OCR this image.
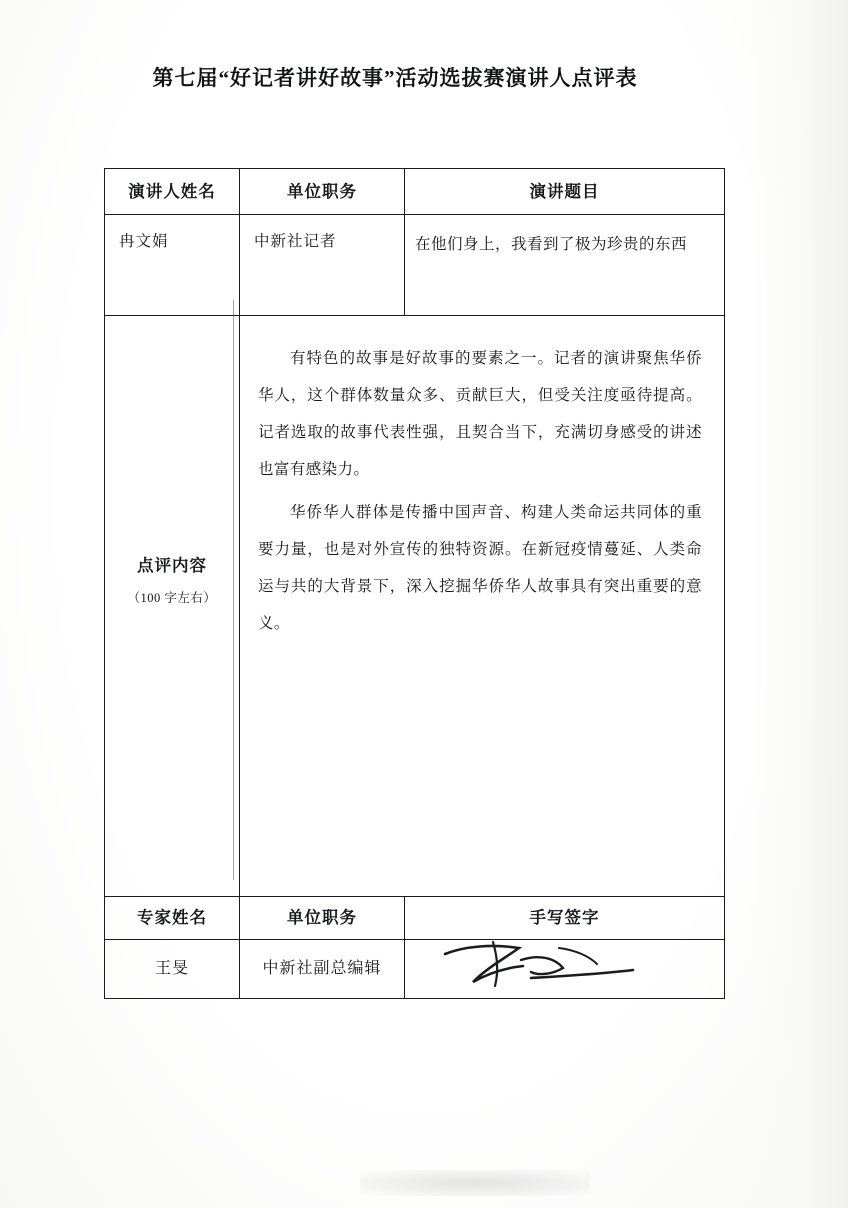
第七届“好记者讲好故事”活动选拔赛演讲人点评表
演讲人姓名	单位职务	演讲题目
冉文娟	中新社记者	在他们身上，我看到了极为珍贵的东西

点评内容
（100 字左右）

有特色的故事是好故事的要素之一。记者的演讲聚焦华侨华人，这个群体数量众多、贡献巨大，但受关注度亟待提高。记者选取的故事代表性强，且契合当下，充满切身感受的讲述也富有感染力。

华侨华人群体是传播中国声音、构建人类命运共同体的重要力量，也是对外宣传的独特资源。在新冠疫情蔓延、人类命运与共的大背景下，深入挖掘华侨华人故事具有突出重要的意义。

专家姓名	单位职务	手写签字
王旻	中新社副总编辑	
